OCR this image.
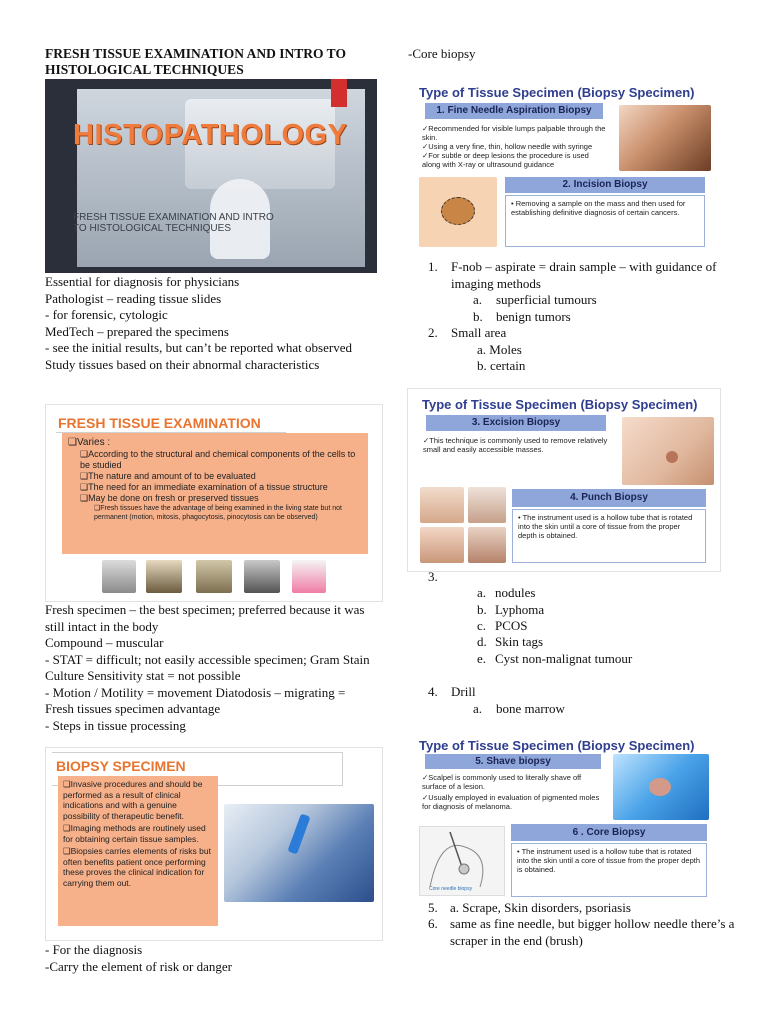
FRESH TISSUE EXAMINATION AND INTRO TO HISTOLOGICAL TECHNIQUES
HISTOPATHOLOGY
FRESH TISSUE EXAMINATION AND INTRO TO HISTOLOGICAL TECHNIQUES
Essential for diagnosis for physicians
Pathologist – reading tissue slides
- for forensic, cytologic
MedTech – prepared the specimens
- see the initial results, but can’t be reported what observed
Study tissues based on their abnormal characteristics
FRESH TISSUE EXAMINATION
❑Varies :
❑According to the structural and chemical components of the cells to be studied
❑The nature and amount of to be evaluated
❑The need for an immediate examination of a tissue structure
❑May be done on fresh or preserved tissues
❑Fresh tissues have the advantage of being examined in the living state but not permanent (motion, mitosis, phagocytosis, pinocytosis can be observed)
Fresh specimen – the best specimen; preferred because it was still intact in the body
Compound – muscular
- STAT = difficult; not easily accessible specimen; Gram Stain Culture Sensitivity stat = not possible
- Motion / Motility = movement Diatodosis – migrating = Fresh tissues specimen advantage
- Steps in tissue processing
BIOPSY SPECIMEN
❑Invasive procedures and should be performed as a result of clinical indications and with a genuine possibility of therapeutic benefit.
❑Imaging methods are routinely used for obtaining certain tissue samples.
❑Biopsies carries elements of risks but often benefits patient once performing these proves the clinical indication for carrying them out.
- For the diagnosis
-Carry the element of risk or danger
-Core biopsy
Type of Tissue Specimen (Biopsy Specimen)
1. Fine Needle Aspiration Biopsy
✓Recommended for visible lumps palpable through the skin.
✓Using a very fine, thin, hollow needle with syringe
✓For subtle or deep lesions the procedure is used along with X-ray or ultrasound guidance
2. Incision Biopsy
• Removing a sample on the mass and then used for establishing definitive diagnosis of certain cancers.
1. F-nob – aspirate = drain sample – with guidance of imaging methods
a. superficial tumours
b. benign tumors
2. Small area
a. Moles
b. certain
Type of Tissue Specimen (Biopsy Specimen)
3. Excision Biopsy
✓This technique is commonly used to remove relatively small and easily accessible masses.
4. Punch Biopsy
• The instrument used is a hollow tube that is rotated into the skin until a core of tissue from the proper depth is obtained.
3.
a. nodules
b. Lyphoma
c. PCOS
d. Skin tags
e. Cyst non-malignat tumour
4. Drill
a. bone marrow
Type of Tissue Specimen (Biopsy Specimen)
5. Shave biopsy
✓Scalpel is commonly used to literally shave off surface of a lesion.
✓Usually employed in evaluation of pigmented moles for diagnosis of melanoma.
Core needle biopsy
6 . Core Biopsy
• The instrument used is a hollow tube that is rotated into the skin until a core of tissue from the proper depth is obtained.
5. a. Scrape, Skin disorders, psoriasis
6. same as fine needle, but bigger hollow needle there’s a scraper in the end (brush)
